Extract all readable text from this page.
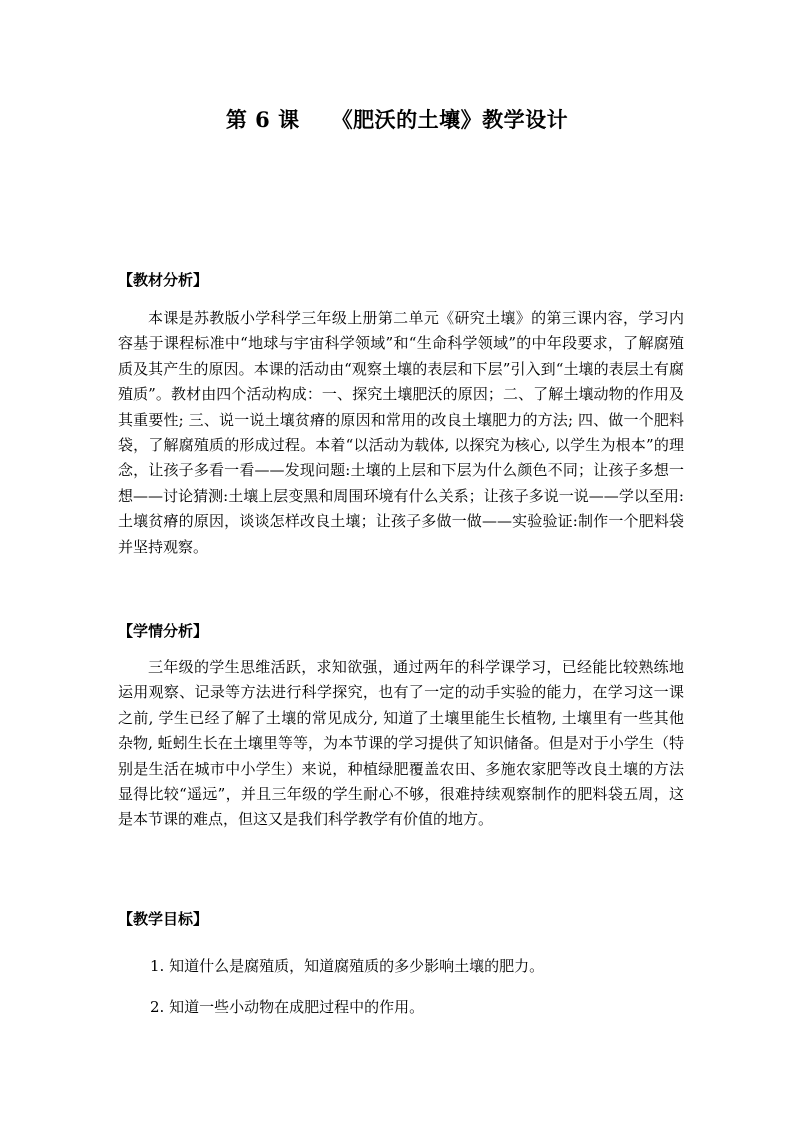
第 6 课 《肥沃的土壤》教学设计
【教材分析】
本课是苏教版小学科学三年级上册第二单元《研究土壤》的第三课内容，学习内容基于课程标准中“地球与宇宙科学领域”和“生命科学领域”的中年段要求，了解腐殖质及其产生的原因。本课的活动由“观察土壤的表层和下层”引入到“土壤的表层土有腐殖质”。教材由四个活动构成：一、探究土壤肥沃的原因；二、了解土壤动物的作用及其重要性; 三、说一说土壤贫瘠的原因和常用的改良土壤肥力的方法; 四、做一个肥料袋，了解腐殖质的形成过程。本着“以活动为载体, 以探究为核心, 以学生为根本”的理念，让孩子多看一看——发现问题:土壤的上层和下层为什么颜色不同；让孩子多想一想——讨论猜测:土壤上层变黑和周围环境有什么关系；让孩子多说一说——学以至用:土壤贫瘠的原因，谈谈怎样改良土壤；让孩子多做一做——实验验证:制作一个肥料袋并坚持观察。
【学情分析】
三年级的学生思维活跃，求知欲强，通过两年的科学课学习，已经能比较熟练地运用观察、记录等方法进行科学探究，也有了一定的动手实验的能力，在学习这一课之前, 学生已经了解了土壤的常见成分, 知道了土壤里能生长植物, 土壤里有一些其他杂物, 蚯蚓生长在土壤里等等，为本节课的学习提供了知识储备。但是对于小学生（特别是生活在城市中小学生）来说，种植绿肥覆盖农田、多施农家肥等改良土壤的方法显得比较“遥远”，并且三年级的学生耐心不够，很难持续观察制作的肥料袋五周，这是本节课的难点，但这又是我们科学教学有价值的地方。
【教学目标】
1. 知道什么是腐殖质，知道腐殖质的多少影响土壤的肥力。
2. 知道一些小动物在成肥过程中的作用。
